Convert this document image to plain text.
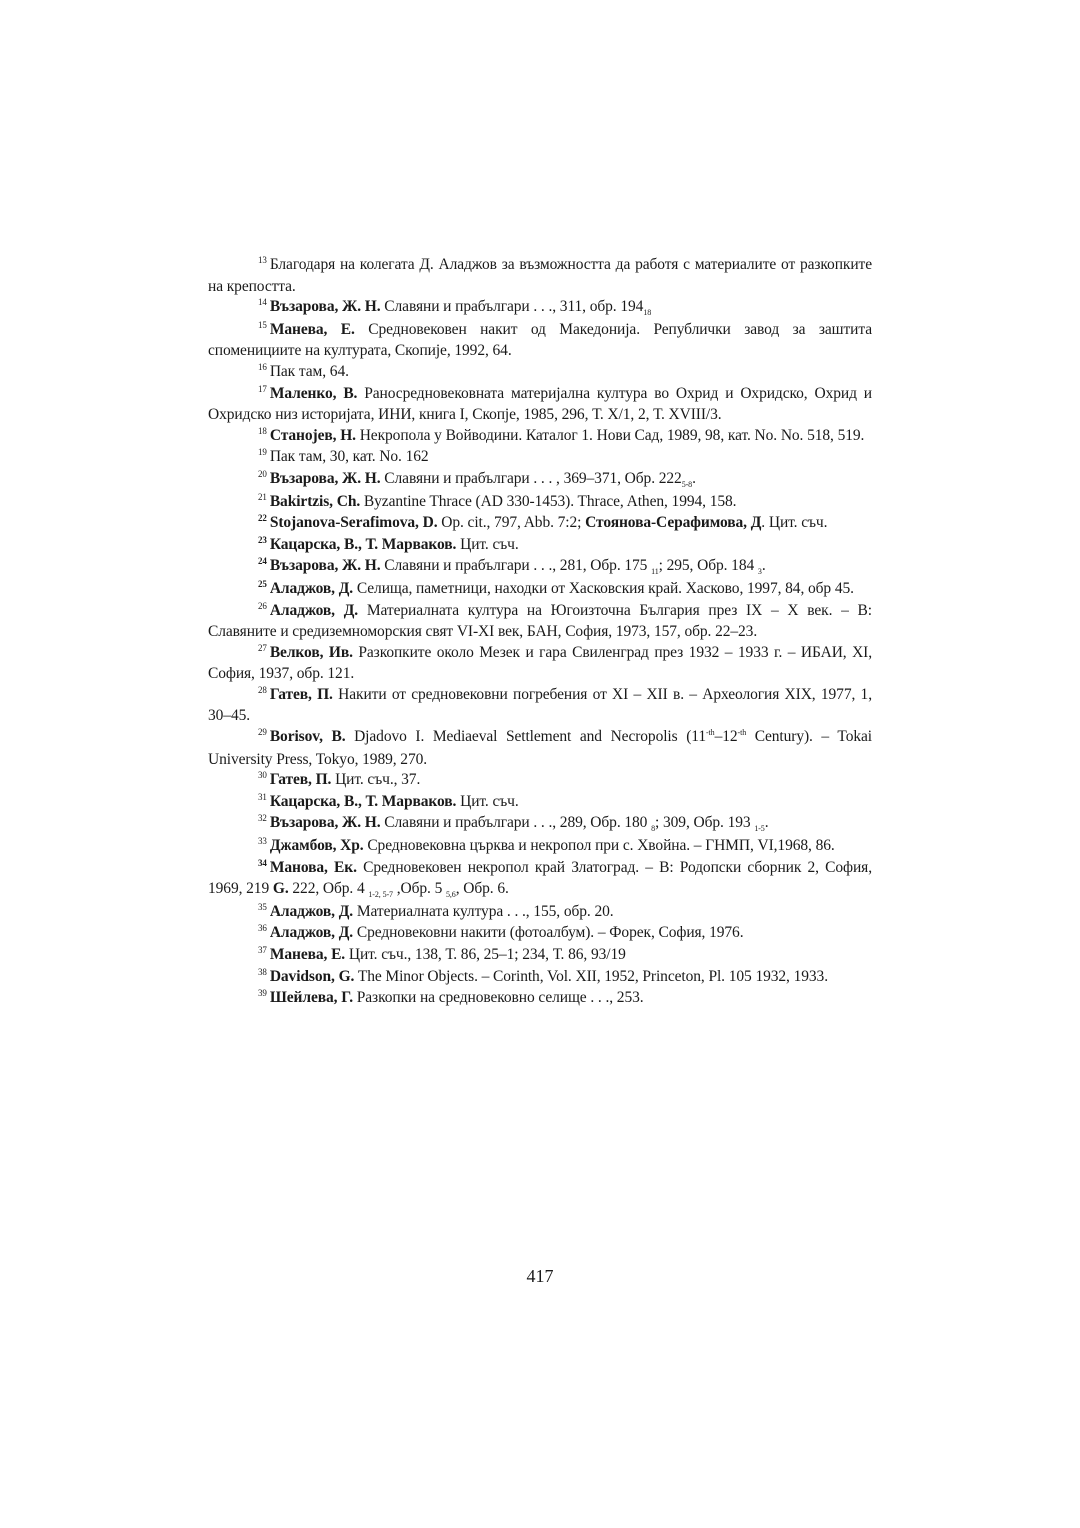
$^{13}$ Благодаря на колегата Д. Аладжов за възможността да работя с материалите от разкопките на крепостта.

$^{14}$ Възарова, Ж. Н. Славяни и прабългари . . ., 311, обр. $194_{18}$

$^{15}$ Манева, Е. Средновековен накит од Македонија. Републички завод за заштита споменициите на културата, Скопије, 1992, 64.

$^{16}$ Пак там, 64.

$^{17}$ Маленко, В. Раносредновековната материјална култура во Охрид и Охридско, Охрид и Охридско низ историјата, ИНИ, книга I, Скопје, 1985, 296, Т. Х/1, 2, Т. XVIII/3.

$^{18}$ Станојев, Н. Некропола у Войводини. Каталог 1. Нови Сад, 1989, 98, кат. No. No. 518, 519.

$^{19}$ Пак там, 30, кат. No. 162

$^{20}$ Възарова, Ж. Н. Славяни и прабългари . . . , 369–371, Обр. $222_{5-8}$.

$^{21}$ Bakirtzis, Ch. Byzantine Thrace (AD 330-1453). Thrace, Athen, 1994, 158.

$^{22}$ Stojanova-Serafimova, D. Op. cit., 797, Abb. 7:2; Стоянова-Серафимова, Д. Цит. съч.

$^{23}$ Кацарска, В., Т. Марваков. Цит. съч.

$^{24}$ Възарова, Ж. Н. Славяни и прабългари . . ., 281, Обр. 175 $_{11}$; 295, Обр. 184 $_3$.

$^{25}$ Аладжов, Д. Селища, паметници, находки от Хасковския край. Хасково, 1997, 84, обр 45.

$^{26}$ Аладжов, Д. Материалната култура на Югоизточна България през IX – X век. – В: Славяните и средиземноморския свят VI-XI век, БАН, София, 1973, 157, обр. 22–23.

$^{27}$ Велков, Ив. Разкопките около Мезек и гара Свиленград през 1932 – 1933 г. – ИБАИ, XI, София, 1937, обр. 121.

$^{28}$ Гатев, П. Накити от средновековни погребения от XI – XII в. – Археология XIX, 1977, 1, 30–45.

$^{29}$ Borisov, B. Djadovo I. Mediaeval Settlement and Necropolis ($11^{-th}-12^{-th}$ Century). – Tokai University Press, Tokyo, 1989, 270.

$^{30}$ Гатев, П. Цит. съч., 37.

$^{31}$ Кацарска, В., Т. Марваков. Цит. съч.

$^{32}$ Възарова, Ж. Н. Славяни и прабългари . . ., 289, Обр. 180 $_8$; 309, Обр. 193 $_{1-5}$.

$^{33}$ Джамбов, Хр. Средновековна църква и некропол при с. Хвойна. – ГНМП, VI,1968, 86.

$^{34}$ Манова, Ек. Средновековен некропол край Златоград. – В: Родопски сборник 2, София, 1969, 219 G. 222, Обр. 4 $_{1-2, 5-7}$ ,Обр. 5 $_{5,6}$, Обр. 6.

$^{35}$ Аладжов, Д. Материалната култура . . ., 155, обр. 20.

$^{36}$ Аладжов, Д. Средновековни накити (фотоалбум). – Форек, София, 1976.

$^{37}$ Манева, Е. Цит. съч., 138, Т. 86, 25–1; 234, Т. 86, 93/19

$^{38}$ Davidson, G. The Minor Objects. – Corinth, Vol. XII, 1952, Princeton, Pl. 105 1932, 1933.

$^{39}$ Шейлева, Г. Разкопки на средновековно селище . . ., 253.

417
